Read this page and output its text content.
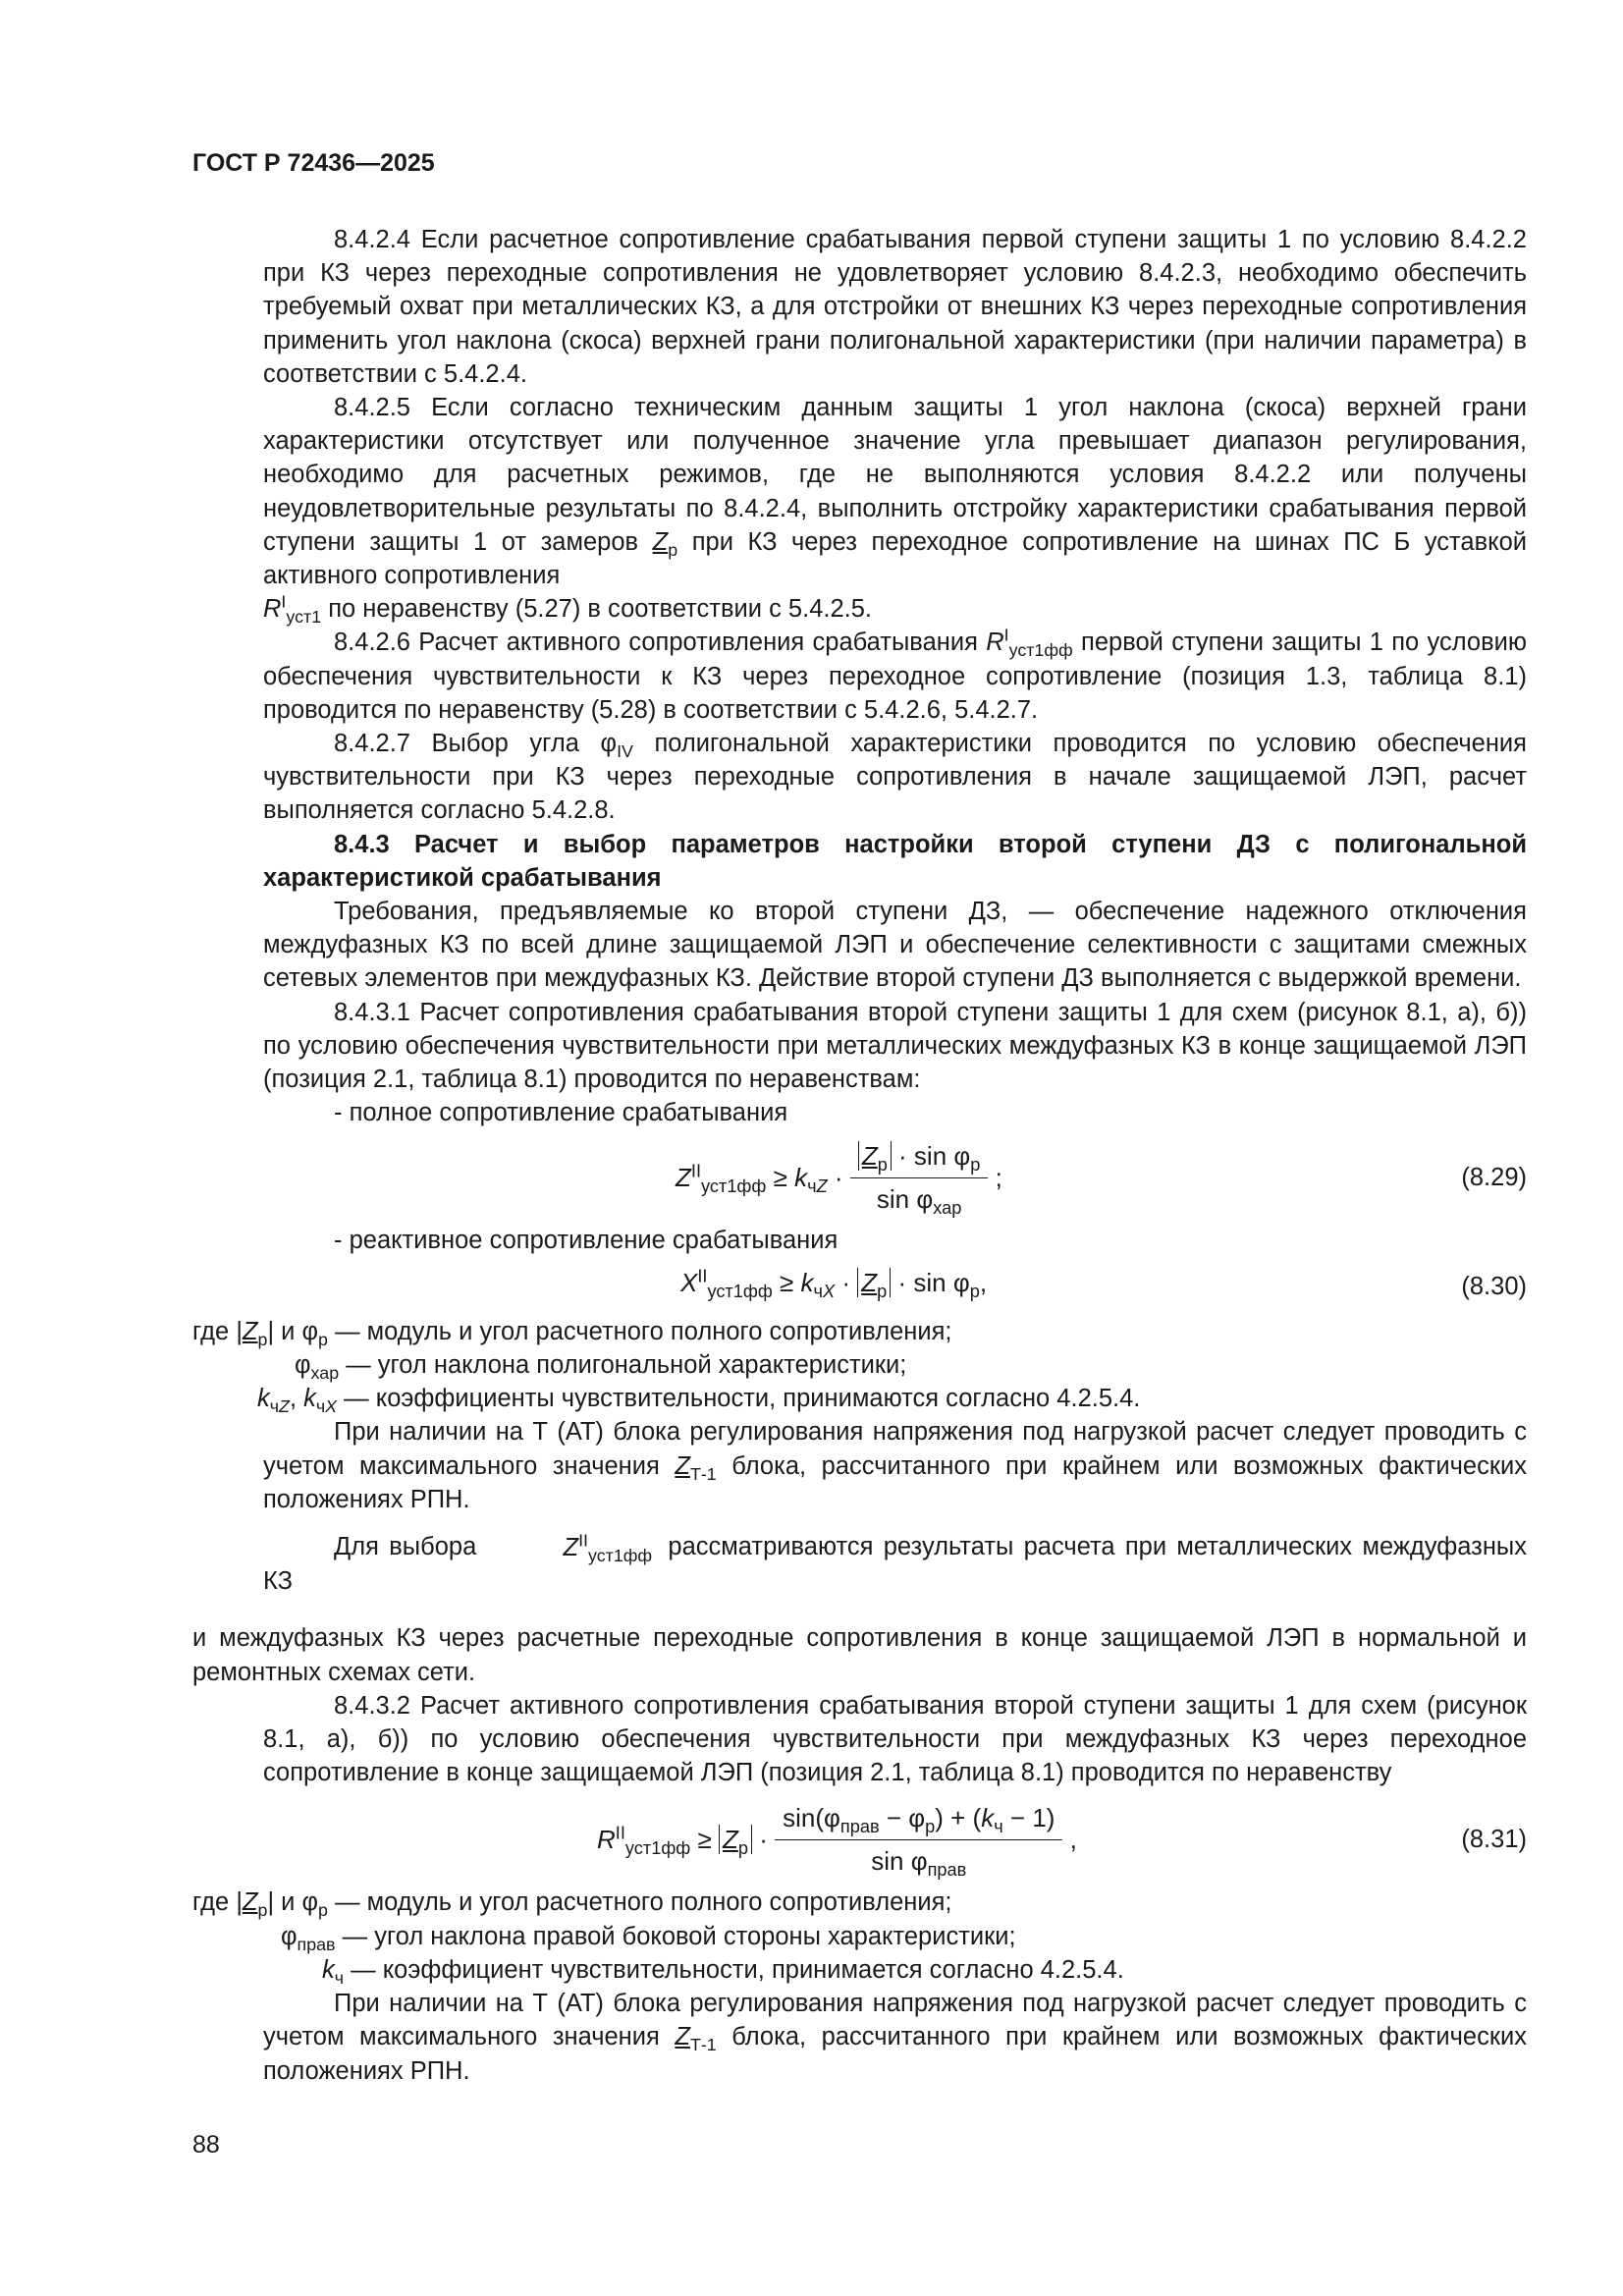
ГОСТ Р 72436—2025

8.4.2.4 Если расчетное сопротивление срабатывания первой ступени защиты 1 по условию 8.4.2.2 при КЗ через переходные сопротивления не удовлетворяет условию 8.4.2.3, необходимо обеспечить требуемый охват при металлических КЗ, а для отстройки от внешних КЗ через переходные сопротивления применить угол наклона (скоса) верхней грани полигональной характеристики (при наличии параметра) в соответствии с 5.4.2.4.

8.4.2.5 Если согласно техническим данным защиты 1 угол наклона (скоса) верхней грани характеристики отсутствует или полученное значение угла превышает диапазон регулирования, необходимо для расчетных режимов, где не выполняются условия 8.4.2.2 или получены неудовлетворительные результаты по 8.4.2.4, выполнить отстройку характеристики срабатывания первой ступени защиты 1 от замеров $Z_р$ при КЗ через переходное сопротивление на шинах ПС Б уставкой активного сопротивления
$R^I_{уст1}$ по неравенству (5.27) в соответствии с 5.4.2.5.

8.4.2.6 Расчет активного сопротивления срабатывания $R^I_{уст1фф}$ первой ступени защиты 1 по условию обеспечения чувствительности к КЗ через переходное сопротивление (позиция 1.3, таблица 8.1) проводится по неравенству (5.28) в соответствии с 5.4.2.6, 5.4.2.7.

8.4.2.7 Выбор угла $\varphi_{IV}$ полигональной характеристики проводится по условию обеспечения чувствительности при КЗ через переходные сопротивления в начале защищаемой ЛЭП, расчет выполняется согласно 5.4.2.8.

8.4.3 Расчет и выбор параметров настройки второй ступени ДЗ с полигональной характеристикой срабатывания

Требования, предъявляемые ко второй ступени ДЗ, — обеспечение надежного отключения междуфазных КЗ по всей длине защищаемой ЛЭП и обеспечение селективности с защитами смежных сетевых элементов при междуфазных КЗ. Действие второй ступени ДЗ выполняется с выдержкой времени.

8.4.3.1 Расчет сопротивления срабатывания второй ступени защиты 1 для схем (рисунок 8.1, а), б)) по условию обеспечения чувствительности при металлических междуфазных КЗ в конце защищаемой ЛЭП (позиция 2.1, таблица 8.1) проводится по неравенствам:

- полное сопротивление срабатывания

$Z^{II}_{уст1фф} \ge k_{чZ} \cdot \frac{Z_р \cdot \sin \varphi_р}{\sin \varphi_{хар}}$ ;	(8.29)

- реактивное сопротивление срабатывания

$X^{II}_{уст1фф} \ge k_{чX} \cdot Z_р \cdot \sin \varphi_р$,	(8.30)

где $|Z_р|$ и $\varphi_р$ — модуль и угол расчетного полного сопротивления;

$\varphi_{хар}$ — угол наклона полигональной характеристики;

$k_{чZ}$, $k_{чX}$ — коэффициенты чувствительности, принимаются согласно 4.2.5.4.

При наличии на Т (АТ) блока регулирования напряжения под нагрузкой расчет следует проводить с учетом максимального значения $Z_{Т-1}$ блока, рассчитанного при крайнем или возможных фактических положениях РПН.

Для выбора	$Z^{II}_{уст1фф}$ рассматриваются результаты расчета при металлических междуфазных КЗ

и междуфазных КЗ через расчетные переходные сопротивления в конце защищаемой ЛЭП в нормальной и ремонтных схемах сети.

8.4.3.2 Расчет активного сопротивления срабатывания второй ступени защиты 1 для схем (рисунок 8.1, а), б)) по условию обеспечения чувствительности при междуфазных КЗ через переходное сопротивление в конце защищаемой ЛЭП (позиция 2.1, таблица 8.1) проводится по неравенству

$R^{II}_{уст1фф} \ge Z_р \cdot \frac{\sin(\varphi_{прав} - \varphi_р) + (k_ч - 1)}{\sin \varphi_{прав}}$ ,	(8.31)

где $|Z_р|$ и $\varphi_р$ — модуль и угол расчетного полного сопротивления;

$\varphi_{прав}$ — угол наклона правой боковой стороны характеристики;

$k_ч$ — коэффициент чувствительности, принимается согласно 4.2.5.4.

При наличии на Т (АТ) блока регулирования напряжения под нагрузкой расчет следует проводить с учетом максимального значения $Z_{Т-1}$ блока, рассчитанного при крайнем или возможных фактических положениях РПН.

88
